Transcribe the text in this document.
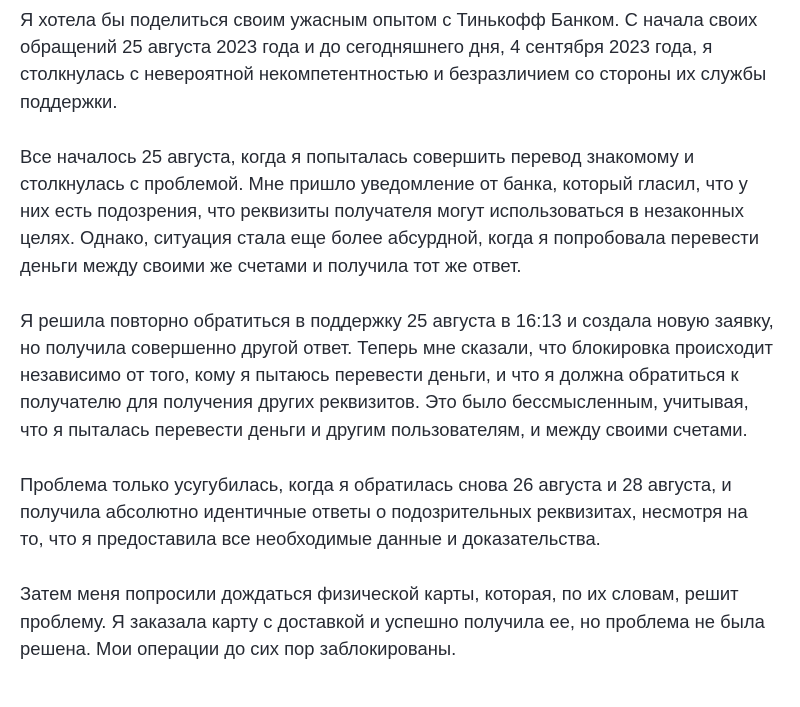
Я хотела бы поделиться своим ужасным опытом с Тинькофф Банком. С начала своих
обращений 25 августа 2023 года и до сегодняшнего дня, 4 сентября 2023 года, я
столкнулась с невероятной некомпетентностью и безразличием со стороны их службы
поддержки.

Все началось 25 августа, когда я попыталась совершить перевод знакомому и
столкнулась с проблемой. Мне пришло уведомление от банка, который гласил, что у
них есть подозрения, что реквизиты получателя могут использоваться в незаконных
целях. Однако, ситуация стала еще более абсурдной, когда я попробовала перевести
деньги между своими же счетами и получила тот же ответ.

Я решила повторно обратиться в поддержку 25 августа в 16:13 и создала новую заявку,
но получила совершенно другой ответ. Теперь мне сказали, что блокировка происходит
независимо от того, кому я пытаюсь перевести деньги, и что я должна обратиться к
получателю для получения других реквизитов. Это было бессмысленным, учитывая,
что я пыталась перевести деньги и другим пользователям, и между своими счетами.

Проблема только усугубилась, когда я обратилась снова 26 августа и 28 августа, и
получила абсолютно идентичные ответы о подозрительных реквизитах, несмотря на
то, что я предоставила все необходимые данные и доказательства.

Затем меня попросили дождаться физической карты, которая, по их словам, решит
проблему. Я заказала карту с доставкой и успешно получила ее, но проблема не была
решена. Мои операции до сих пор заблокированы.
